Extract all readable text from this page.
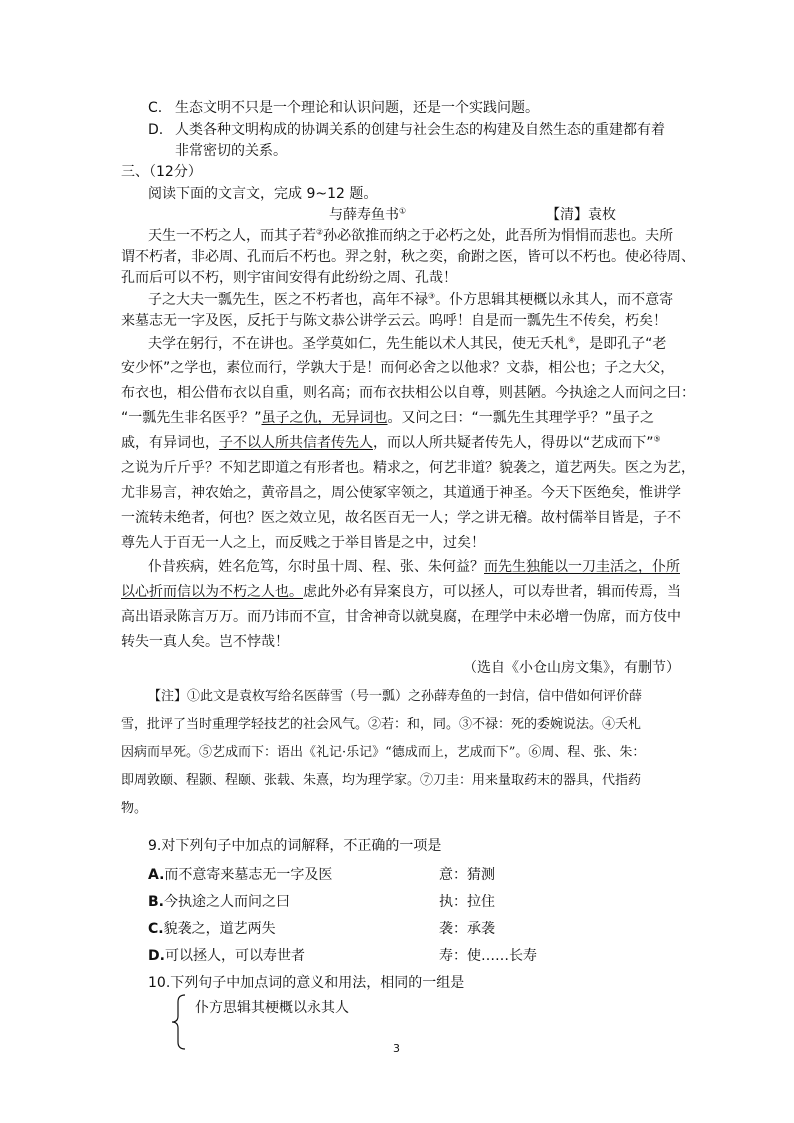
C. 生态文明不只是一个理论和认识问题，还是一个实践问题。
D. 人类各种文明构成的协调关系的创建与社会生态的构建及自然生态的重建都有着
非常密切的关系。
三、（12分）
阅读下面的文言文，完成 9~12 题。
与薛寿鱼书①	【清】袁枚
天生一不朽之人，而其子若②孙必欲推而纳之于必朽之处，此吾所为悁悁而悲也。夫所
谓不朽者，非必周、孔而后不朽也。羿之射，秋之奕，俞跗之医，皆可以不朽也。使必待周、
孔而后可以不朽，则宇宙间安得有此纷纷之周、孔哉！
子之大夫一瓢先生，医之不朽者也，高年不禄③。仆方思辑其梗概以永其人，而不意寄
来墓志无一字及医，反托于与陈文恭公讲学云云。呜呼！自是而一瓢先生不传矣，朽矣！
夫学在躬行，不在讲也。圣学莫如仁，先生能以术人其民，使无夭札④，是即孔子“老
安少怀”之学也，素位而行，学孰大于是！而何必舍之以他求？文恭，相公也；子之大父，
布衣也，相公借布衣以自重，则名高；而布衣扶相公以自尊，则甚陋。今执途之人而问之曰：
“一瓢先生非名医乎？”虽子之仇，无异词也。又问之曰：“一瓢先生其理学乎？”虽子之
戚，有异词也，子不以人所共信者传先人，而以人所共疑者传先人，得毋以“艺成而下”⑤
之说为斤斤乎？不知艺即道之有形者也。精求之，何艺非道？貌袭之，道艺两失。医之为艺，
尤非易言，神农始之，黄帝昌之，周公使冢宰领之，其道通于神圣。今天下医绝矣，惟讲学
一流转未绝者，何也？医之效立见，故名医百无一人；学之讲无稽。故村儒举目皆是，子不
尊先人于百无一人之上，而反贱之于举目皆是之中，过矣！
仆昔疾病，姓名危笃，尔时虽十周、程、张、朱何益？而先生独能以一刀圭活之，仆所
以心折而信以为不朽之人也。虑此外必有异案良方，可以拯人，可以寿世者，辑而传焉，当
高出语录陈言万万。而乃讳而不宣，甘舍神奇以就臭腐，在理学中未必增一伪席，而方伎中
转失一真人矣。岂不悖哉！
（选自《小仓山房文集》，有删节）
【注】①此文是袁枚写给名医薛雪（号一瓢）之孙薛寿鱼的一封信，信中借如何评价薛
雪，批评了当时重理学轻技艺的社会风气。②若：和，同。③不禄：死的委婉说法。④夭札
因病而早死。⑤艺成而下：语出《礼记·乐记》“德成而上，艺成而下”。⑥周、程、张、朱：
即周敦颐、程颢、程颐、张载、朱熹，均为理学家。⑦刀圭：用来量取药末的器具，代指药
物。
9.对下列句子中加点的词解释，不正确的一项是
A.而不意寄来墓志无一字及医	意：猜测
B.今执途之人而问之曰	执：拉住
C.貌袭之，道艺两失	袭：承袭
D.可以拯人，可以寿世者	寿：使……长寿
10.下列句子中加点词的意义和用法，相同的一组是
仆方思辑其梗概以永其人
3
